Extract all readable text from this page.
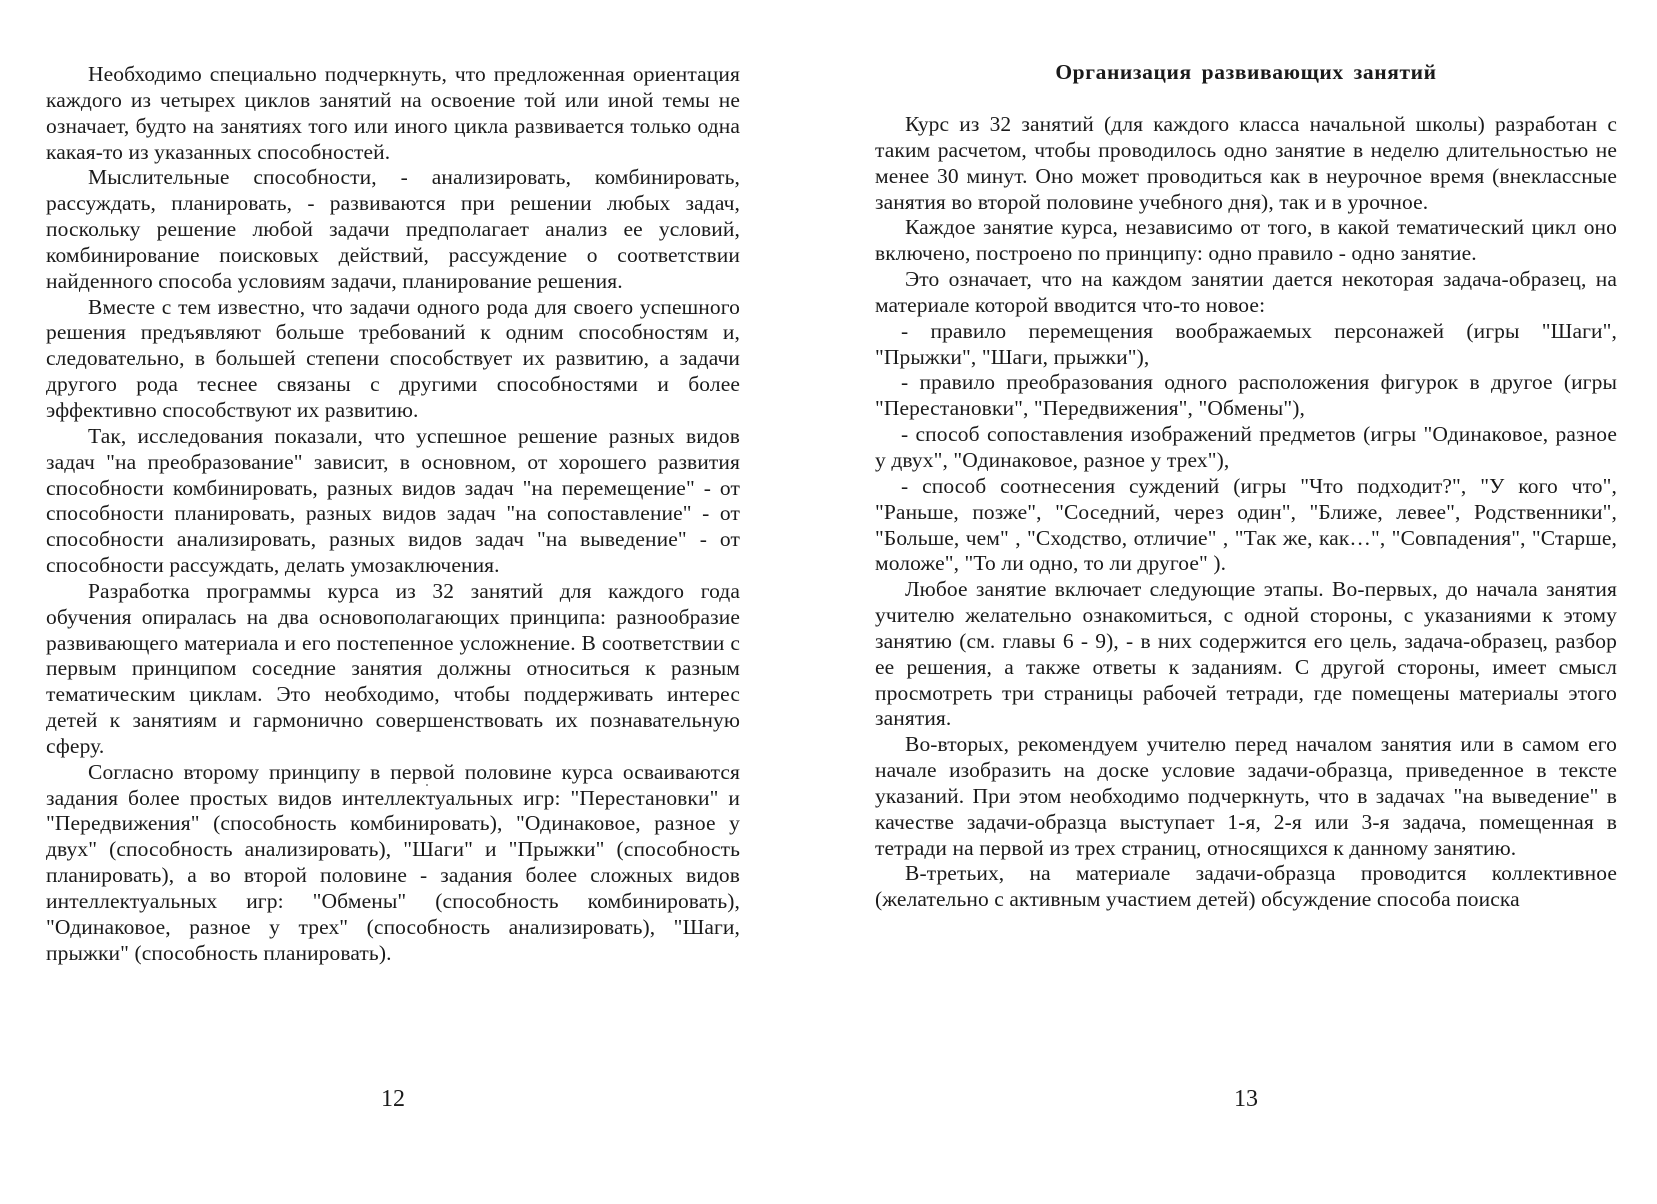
Необходимо специально подчеркнуть, что предложенная ориентация каждого из четырех циклов занятий на освоение той или иной темы не означает, будто на занятиях того или иного цикла развивается только одна какая-то из указанных способностей.

Мыслительные способности, - анализировать, комбинировать, рассуждать, планировать, - развиваются при решении любых задач, поскольку решение любой задачи предполагает анализ ее условий, комбинирование поисковых действий, рассуждение о соответствии найденного способа условиям задачи, планирование решения.

Вместе с тем известно, что задачи одного рода для своего успешного решения предъявляют больше требований к одним способностям и, следовательно, в большей степени способствует их развитию, а задачи другого рода теснее связаны с другими способностями и более эффективно способствуют их развитию.

Так, исследования показали, что успешное решение разных видов задач "на преобразование" зависит, в основном, от хорошего развития способности комбинировать, разных видов задач "на перемещение" - от способности планировать, разных видов задач "на сопоставление" - от способности анализировать, разных видов задач "на выведение" - от способности рассуждать, делать умозаключения.

Разработка программы курса из 32 занятий для каждого года обучения опиралась на два основополагающих принципа: разнообразие развивающего материала и его постепенное усложнение. В соответствии с первым принципом соседние занятия должны относиться к разным тематическим циклам. Это необходимо, чтобы поддерживать интерес детей к занятиям и гармонично совершенствовать их познавательную сферу.

Согласно второму принципу в первой половине курса осваиваются задания более простых видов интеллектуальных игр: "Перестановки" и "Передвижения" (способность комбинировать), "Одинаковое, разное у двух" (способность анализировать), "Шаги" и "Прыжки" (способность планировать), а во второй половине - задания более сложных видов интеллектуальных игр: "Обмены" (способность комбинировать), "Одинаковое, разное у трех" (способность анализировать), "Шаги, прыжки" (способность планировать).

12
Организация развивающих занятий

Курс из 32 занятий (для каждого класса начальной школы) разработан с таким расчетом, чтобы проводилось одно занятие в неделю длительностью не менее 30 минут. Оно может проводиться как в неурочное время (внеклассные занятия во второй половине учебного дня), так и в урочное.

Каждое занятие курса, независимо от того, в какой тематический цикл оно включено, построено по принципу: одно правило - одно занятие.

Это означает, что на каждом занятии дается некоторая задача-образец, на материале которой вводится что-то новое:

- правило перемещения воображаемых персонажей (игры "Шаги", "Прыжки", "Шаги, прыжки"),

- правило преобразования одного расположения фигурок в другое (игры "Перестановки", "Передвижения", "Обмены"),

- способ сопоставления изображений предметов (игры "Одинаковое, разное у двух", "Одинаковое, разное у трех"),

- способ соотнесения суждений (игры "Что подходит?", "У кого что", "Раньше, позже", "Соседний, через один", "Ближе, левее", Родственники", "Больше, чем" , "Сходство, отличие" , "Так же, как…", "Совпадения", "Старше, моложе", "То ли одно, то ли другое" ).

Любое занятие включает следующие этапы. Во-первых, до начала занятия учителю желательно ознакомиться, с одной стороны, с указаниями к этому занятию (см. главы 6 - 9), - в них содержится его цель, задача-образец, разбор ее решения, а также ответы к заданиям. С другой стороны, имеет смысл просмотреть три страницы рабочей тетради, где помещены материалы этого занятия.

Во-вторых, рекомендуем учителю перед началом занятия или в самом его начале изобразить на доске условие задачи-образца, приведенное в тексте указаний. При этом необходимо подчеркнуть, что в задачах "на выведение" в качестве задачи-образца выступает 1-я, 2-я или 3-я задача, помещенная в тетради на первой из трех страниц, относящихся к данному занятию.

В-третьих, на материале задачи-образца проводится коллективное (желательно с активным участием детей) обсуждение способа поиска

13
